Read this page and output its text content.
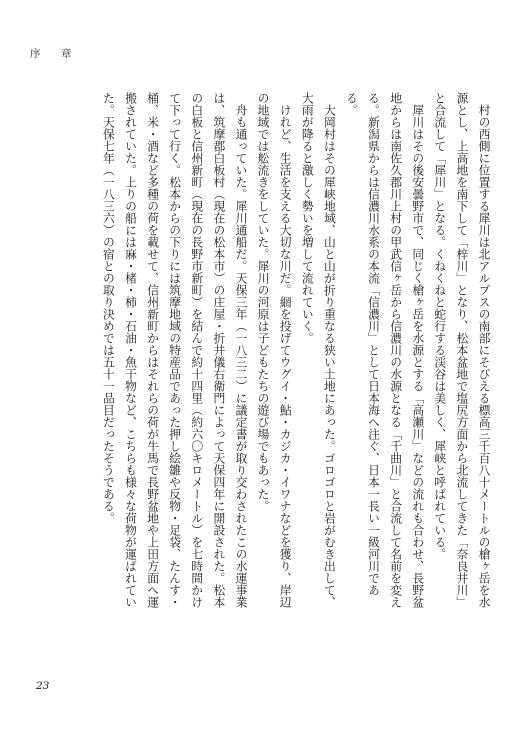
序　章

村の西側に位置する犀川は北アルプスの南部にそびえる標高三千百八十メートルの槍ヶ岳を水源とし、上高地を南下して「梓川」となり、松本盆地で塩尻方面から北流してきた「奈良井川」と合流して「犀川」となる。くねくねと蛇行する渓谷は美しく、犀峡と呼ばれている。

犀川はその後安曇野市で、同じく槍ヶ岳を水源とする「高瀬川」などの流れも合わせ、長野盆地からは南佐久郡川上村の甲武信ヶ岳から信濃川の水源となる「千曲川」と合流して名前を変える。新潟県からは信濃川水系の本流「信濃川」として日本海へ注ぐ、日本一長い一級河川である。

大岡村はその犀峡地域、山と山が折り重なる狭い土地にあった。ゴロゴロと岩がむき出して、大雨が降ると激しく勢いを増して流れていく。

けれど、生活を支える大切な川だ。網を投げてウグイ・鮎・カジカ・イワナなどを獲り、岸辺の地域では舩流きをしていた。犀川の河原は子どもたちの遊び場でもあった。

舟も通っていた。犀川通船だ。天保三年（一八三二）に議定書が取り交わされたこの水運事業は、筑摩郡白板村（現在の松本市）の庄屋・折井儀右衛門によって天保四年に開設された。松本の白板と信州新町（現在の長野市新町）を結んで約十四里（約六〇キロメートル）を七時間かけて下って行く。松本からの下りには筑摩地域の特産品であった押し絵雛や反物・足袋、たんす・桶、米・酒など多種の荷を載せて、信州新町からはそれらの荷が牛馬で長野盆地や上田方面へ運搬されていた。上りの船には麻・楮・柿・石油・魚干物など、こちらも様々な荷物が運ばれていた。天保七年（一八三六）の宿との取り決めでは五十一品目だったそうである。

23
